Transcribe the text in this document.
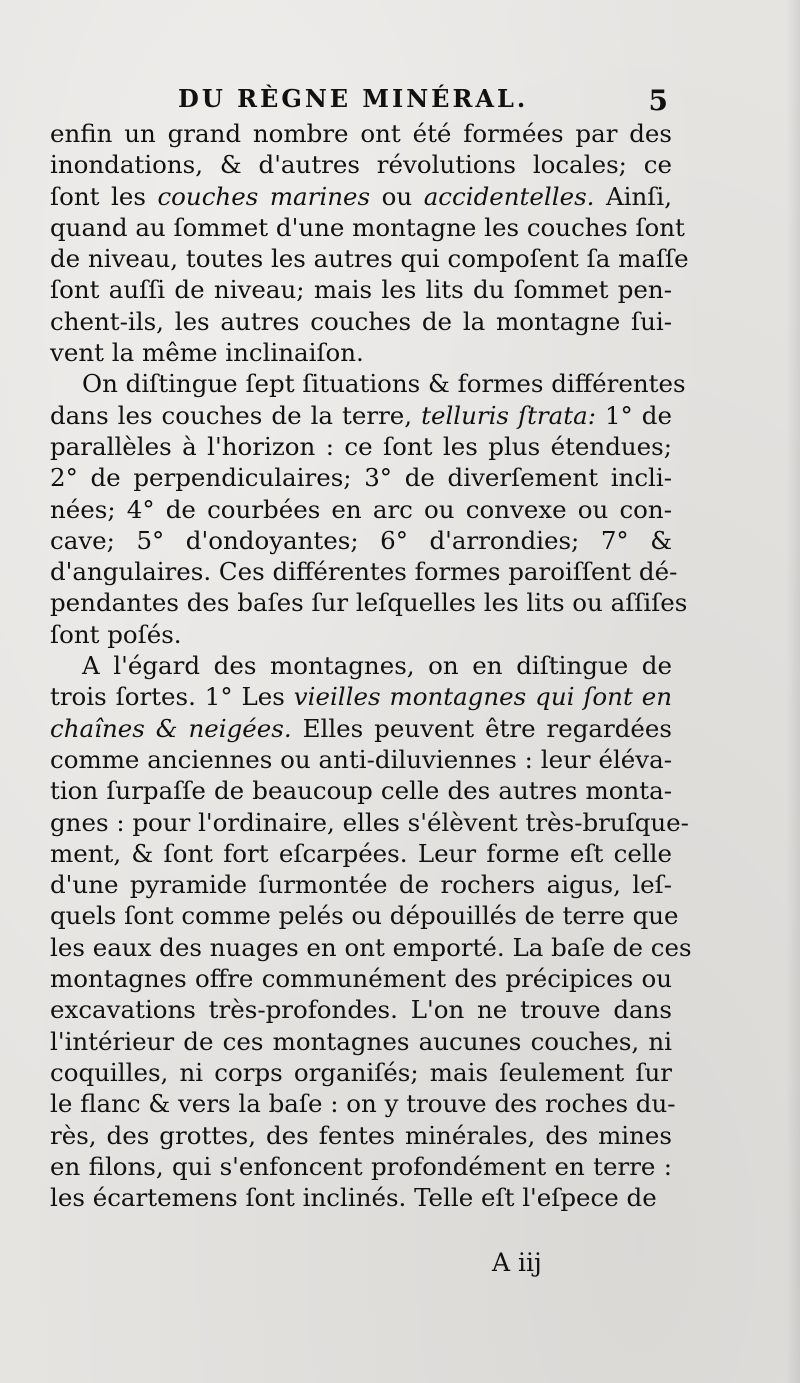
DU RÈGNE MINÉRAL.	5
enfin un grand nombre ont été formées par des
inondations, & d'autres révolutions locales; ce
ſont les couches marines ou accidentelles. Ainſi,
quand au ſommet d'une montagne les couches ſont
de niveau, toutes les autres qui compoſent ſa maſſe
ſont auſſi de niveau; mais les lits du ſommet pen-
chent-ils, les autres couches de la montagne ſui-
vent la même inclinaiſon.
On diſtingue ſept ſituations & formes différentes
dans les couches de la terre, telluris ſtrata: 1° de
parallèles à l'horizon : ce ſont les plus étendues;
2° de perpendiculaires; 3° de diverſement incli-
nées; 4° de courbées en arc ou convexe ou con-
cave; 5° d'ondoyantes; 6° d'arrondies; 7° &
d'angulaires. Ces différentes formes paroiſſent dé-
pendantes des baſes ſur leſquelles les lits ou aſſiſes
ſont poſés.
A l'égard des montagnes, on en diſtingue de
trois ſortes. 1° Les vieilles montagnes qui ſont en
chaînes & neigées. Elles peuvent être regardées
comme anciennes ou anti-diluviennes : leur éléva-
tion ſurpaſſe de beaucoup celle des autres monta-
gnes : pour l'ordinaire, elles s'élèvent très-bruſque-
ment, & ſont fort eſcarpées. Leur forme eſt celle
d'une pyramide ſurmontée de rochers aigus, leſ-
quels ſont comme pelés ou dépouillés de terre que
les eaux des nuages en ont emporté. La baſe de ces
montagnes offre communément des précipices ou
excavations très-profondes. L'on ne trouve dans
l'intérieur de ces montagnes aucunes couches, ni
coquilles, ni corps organiſés; mais ſeulement ſur
le flanc & vers la baſe : on y trouve des roches du-
rès, des grottes, des fentes minérales, des mines
en filons, qui s'enfoncent profondément en terre :
les écartemens ſont inclinés. Telle eſt l'eſpece de
A iij
